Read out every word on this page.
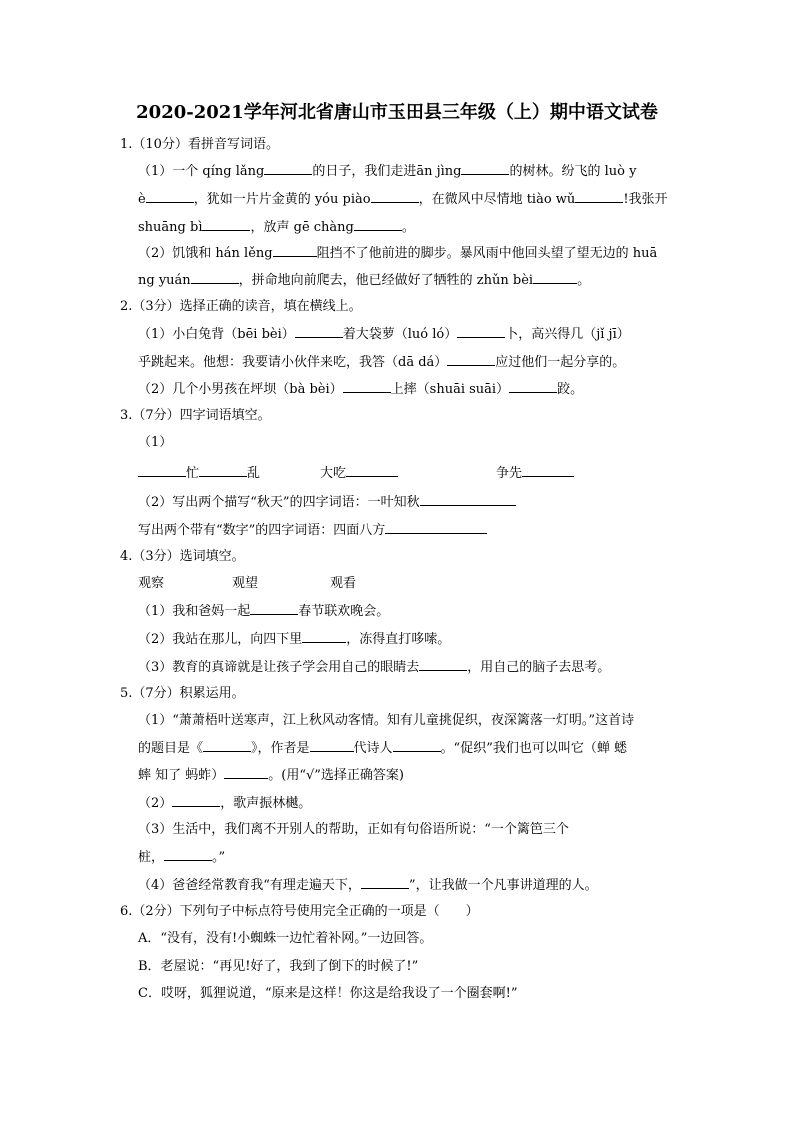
2020-2021学年河北省唐山市玉田县三年级（上）期中语文试卷
1.（10分）看拼音写词语。
（1）一个 qíng lǎng	的日子，我们走进ān jìng	的树林。纷飞的 luò y
è	，犹如一片片金黄的 yóu piào	，在微风中尽情地 tiào wǔ	!我张开
shuāng bì	，放声 gē chàng	。
（2）饥饿和 hán lěng	阻挡不了他前进的脚步。暴风雨中他回头望了望无边的 huā
ng yuán	，拼命地向前爬去，他已经做好了牺牲的 zhǔn bèi	。
2.（3分）选择正确的读音，填在横线上。
（1）小白兔背（bēi bèi）	着大袋萝（luó ló）	卜，高兴得几（jǐ jī）
乎跳起来。他想：我要请小伙伴来吃，我答（dā dá）	应过他们一起分享的。
（2）几个小男孩在坪坝（bà bèi）	上摔（shuāi suāi）	跤。
3.（7分）四字词语填空。
（1）
忙	乱	大吃	争先
（2）写出两个描写“秋天”的四字词语：一叶知秋
写出两个带有“数字”的四字词语：四面八方
4.（3分）选词填空。
观察	观望	观看
（1）我和爸妈一起	春节联欢晚会。
（2）我站在那儿，向四下里	，冻得直打哆嗦。
（3）教育的真谛就是让孩子学会用自己的眼睛去	，用自己的脑子去思考。
5.（7分）积累运用。
（1）“萧萧梧叶送寒声，江上秋风动客情。知有儿童挑促织，夜深篱落一灯明。”这首诗
的题目是《	》，作者是	代诗人	。“促织”我们也可以叫它（蝉 蟋
蟀 知了 蚂蚱）	。(用“√”选择正确答案)
（2）	，歌声振林樾。
（3）生活中，我们离不开别人的帮助，正如有句俗语所说：“一个篱笆三个
桩，	。”
（4）爸爸经常教育我“有理走遍天下，	”，让我做一个凡事讲道理的人。
6.（2分）下列句子中标点符号使用完全正确的一项是（　　）
A．“没有，没有!小蜘蛛一边忙着补网。”一边回答。
B．老屋说：“再见!好了，我到了倒下的时候了!”
C．哎呀，狐狸说道，“原来是这样！你这是给我设了一个圈套啊!”
